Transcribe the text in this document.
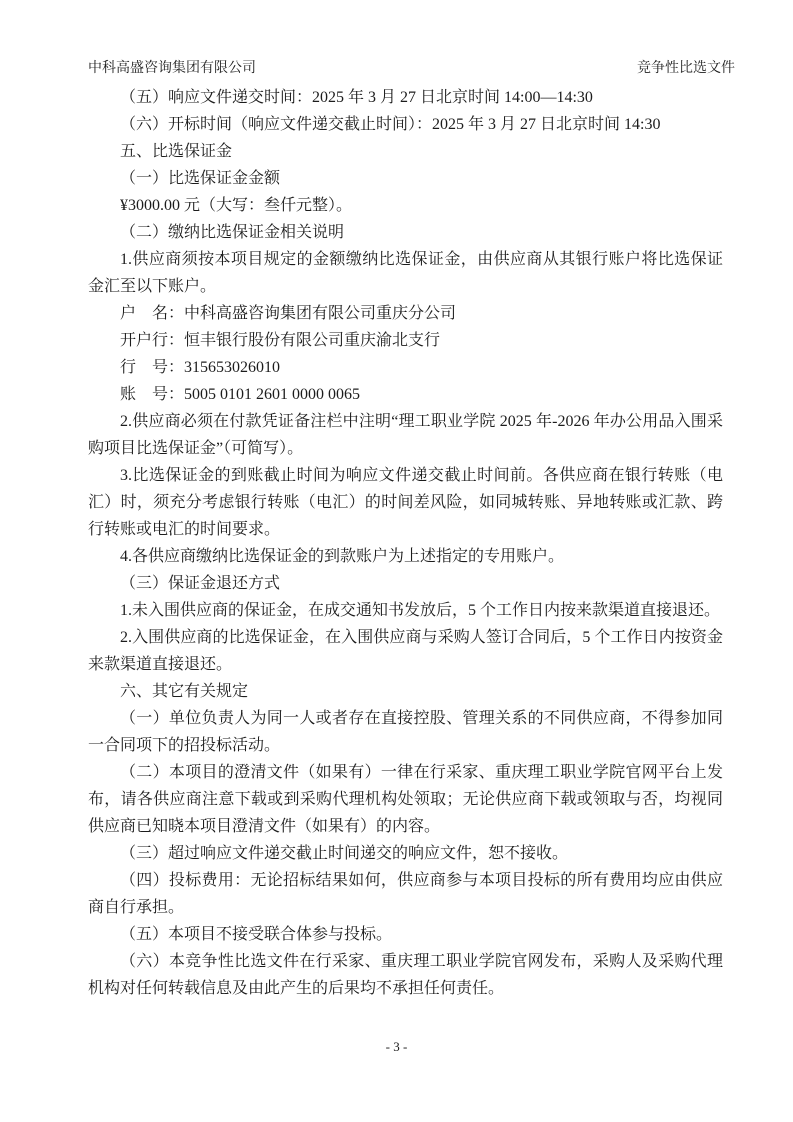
中科高盛咨询集团有限公司	竞争性比选文件

（五）响应文件递交时间：2025 年 3 月 27 日北京时间 14:00—14:30

（六）开标时间（响应文件递交截止时间）：2025 年 3 月 27 日北京时间 14:30

五、比选保证金

（一）比选保证金金额

¥3000.00 元（大写：叁仟元整）。

（二）缴纳比选保证金相关说明

1.供应商须按本项目规定的金额缴纳比选保证金，由供应商从其银行账户将比选保证金汇至以下账户。

户　名：中科高盛咨询集团有限公司重庆分公司

开户行：恒丰银行股份有限公司重庆渝北支行

行　号：315653026010

账　号：5005 0101 2601 0000 0065

2.供应商必须在付款凭证备注栏中注明“理工职业学院 2025 年-2026 年办公用品入围采购项目比选保证金”（可简写）。

3.比选保证金的到账截止时间为响应文件递交截止时间前。各供应商在银行转账（电汇）时，须充分考虑银行转账（电汇）的时间差风险，如同城转账、异地转账或汇款、跨行转账或电汇的时间要求。

4.各供应商缴纳比选保证金的到款账户为上述指定的专用账户。

（三）保证金退还方式

1.未入围供应商的保证金，在成交通知书发放后，5 个工作日内按来款渠道直接退还。

2.入围供应商的比选保证金，在入围供应商与采购人签订合同后，5 个工作日内按资金来款渠道直接退还。

六、其它有关规定

（一）单位负责人为同一人或者存在直接控股、管理关系的不同供应商，不得参加同一合同项下的招投标活动。

（二）本项目的澄清文件（如果有）一律在行采家、重庆理工职业学院官网平台上发布，请各供应商注意下载或到采购代理机构处领取；无论供应商下载或领取与否，均视同供应商已知晓本项目澄清文件（如果有）的内容。

（三）超过响应文件递交截止时间递交的响应文件，恕不接收。

（四）投标费用：无论招标结果如何，供应商参与本项目投标的所有费用均应由供应商自行承担。

（五）本项目不接受联合体参与投标。

（六）本竞争性比选文件在行采家、重庆理工职业学院官网发布，采购人及采购代理机构对任何转载信息及由此产生的后果均不承担任何责任。

- 3 -
